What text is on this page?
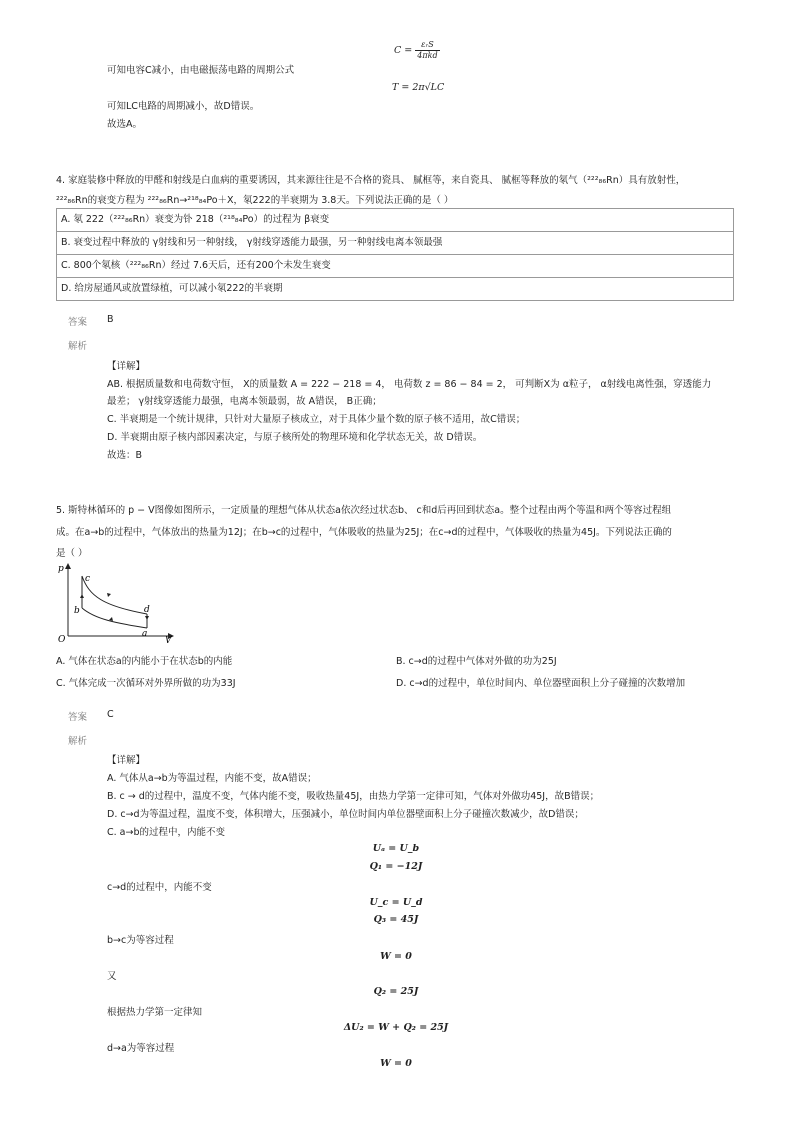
$C = \frac{\text{εᵣS}}{\text{4πkd}}$
可知电容C减小，由电磁振荡电路的周期公式
T = 2π√LC
可知LC电路的周期减小，故D错误。
故选A。
4. 家庭装修中释放的甲醛和射线是白血病的重要诱因，其来源往往是不合格的瓷具、 腻框等，来自瓷具、 腻框等释放的氡气（²²²₈₆Rn）具有放射性，
²²²₈₆Rn的衰变方程为 ²²²₈₆Rn→²¹⁸₈₄Po＋X，氡222的半衰期为 3.8天。下列说法正确的是（ ）
A. 氡 222（²²²₈₆Rn）衰变为钋 218（²¹⁸₈₄Po）的过程为 β衰变
B. 衰变过程中释放的 γ射线和另一种射线， γ射线穿透能力最强，另一种射线电离本领最强
C. 800个氡核（²²²₈₆Rn）经过 7.6天后，还有200个未发生衰变
D. 给房屋通风或放置绿植，可以减小氡222的半衰期
答案 B
解析
【详解】
AB. 根据质量数和电荷数守恒， X的质量数 A = 222 − 218 = 4， 电荷数 z = 86 − 84 = 2， 可判断X为 α粒子， α射线电离性强，穿透能力
最差； γ射线穿透能力最强，电离本领最弱，故 A错误， B正确；
C. 半衰期是一个统计规律，只针对大量原子核成立，对于具体少量个数的原子核不适用，故C错误；
D. 半衰期由原子核内部因素决定，与原子核所处的物理环境和化学状态无关，故 D错误。
故选：B
5. 斯特林循环的 p − V图像如图所示，一定质量的理想气体从状态a依次经过状态b、 c和d后再回到状态a。整个过程由两个等温和两个等容过程组
成。在a→b的过程中，气体放出的热量为12J；在b→c的过程中，气体吸收的热量为25J；在c→d的过程中，气体吸收的热量为45J。下列说法正确的
是（ ）
p
V
O
c
b	d
a
A. 气体在状态a的内能小于在状态b的内能	B. c→d的过程中气体对外做的功为25J
C. 气体完成一次循环对外界所做的功为33J	D. c→d的过程中，单位时间内、单位器壁面积上分子碰撞的次数增加
答案 C
解析
【详解】
A. 气体从a→b为等温过程，内能不变，故A错误；
B. c → d的过程中，温度不变，气体内能不变，吸收热量45J，由热力学第一定律可知，气体对外做功45J，故B错误；
D. c→d为等温过程，温度不变，体积增大，压强减小，单位时间内单位器壁面积上分子碰撞次数减少，故D错误；
C. a→b的过程中，内能不变
Uₐ = U_b
Q₁ = −12J
c→d的过程中，内能不变
U_c = U_d
Q₃ = 45J
b→c为等容过程
W = 0
又
Q₂ = 25J
根据热力学第一定律知
ΔU₂ = W + Q₂ = 25J
d→a为等容过程
W = 0
